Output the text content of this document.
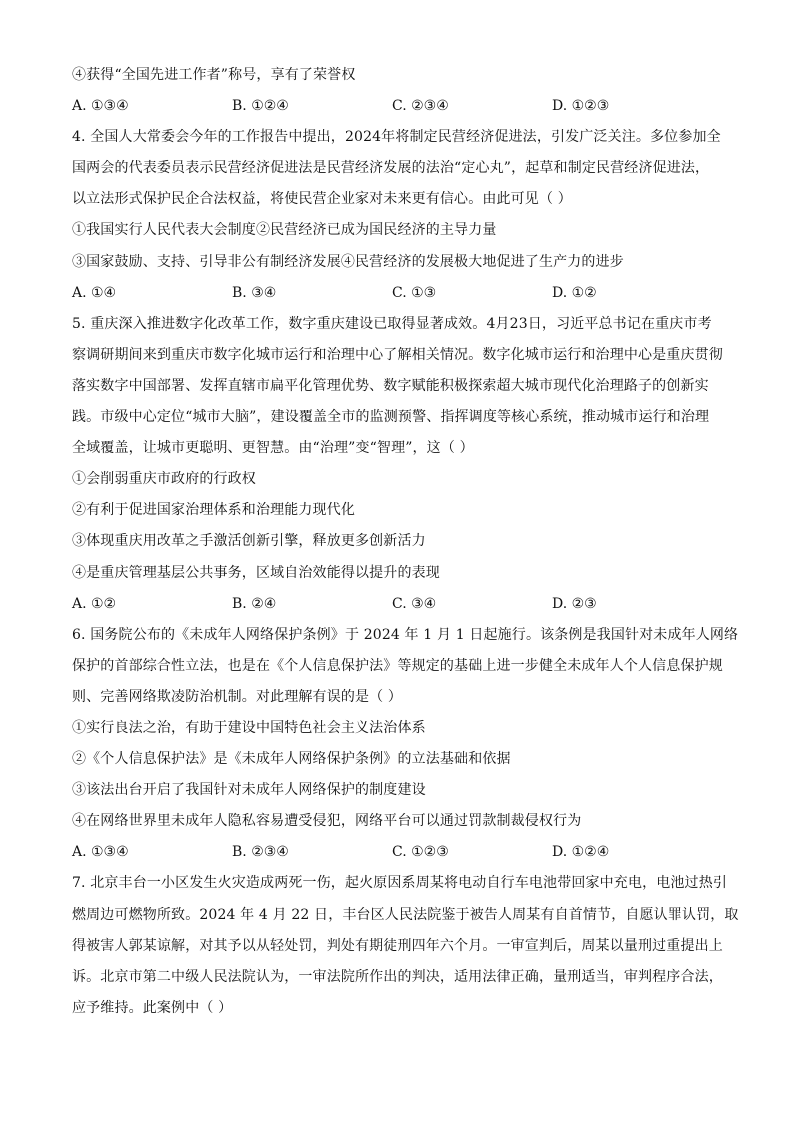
④获得“全国先进工作者”称号，享有了荣誉权
A. ①③④	B. ①②④	C. ②③④	D. ①②③
4. 全国人大常委会今年的工作报告中提出，2024年将制定民营经济促进法，引发广泛关注。多位参加全
国两会的代表委员表示民营经济促进法是民营经济发展的法治“定心丸”，起草和制定民营经济促进法，
以立法形式保护民企合法权益，将使民营企业家对未来更有信心。由此可见（ ）
①我国实行人民代表大会制度②民营经济已成为国民经济的主导力量
③国家鼓励、支持、引导非公有制经济发展④民营经济的发展极大地促进了生产力的进步
A. ①④	B. ③④	C. ①③	D. ①②
5. 重庆深入推进数字化改革工作，数字重庆建设已取得显著成效。4月23日，习近平总书记在重庆市考
察调研期间来到重庆市数字化城市运行和治理中心了解相关情况。数字化城市运行和治理中心是重庆贯彻
落实数字中国部署、发挥直辖市扁平化管理优势、数字赋能积极探索超大城市现代化治理路子的创新实
践。市级中心定位“城市大脑”，建设覆盖全市的监测预警、指挥调度等核心系统，推动城市运行和治理
全域覆盖，让城市更聪明、更智慧。由“治理”变“智理”，这（ ）
①会削弱重庆市政府的行政权
②有利于促进国家治理体系和治理能力现代化
③体现重庆用改革之手激活创新引擎，释放更多创新活力
④是重庆管理基层公共事务，区域自治效能得以提升的表现
A. ①②	B. ②④	C. ③④	D. ②③
6. 国务院公布的《未成年人网络保护条例》于 2024 年 1 月 1 日起施行。该条例是我国针对未成年人网络
保护的首部综合性立法，也是在《个人信息保护法》等规定的基础上进一步健全未成年人个人信息保护规
则、完善网络欺凌防治机制。对此理解有误的是（ ）
①实行良法之治，有助于建设中国特色社会主义法治体系
②《个人信息保护法》是《未成年人网络保护条例》的立法基础和依据
③该法出台开启了我国针对未成年人网络保护的制度建设
④在网络世界里未成年人隐私容易遭受侵犯，网络平台可以通过罚款制裁侵权行为
A. ①③④	B. ②③④	C. ①②③	D. ①②④
7. 北京丰台一小区发生火灾造成两死一伤，起火原因系周某将电动自行车电池带回家中充电，电池过热引
燃周边可燃物所致。2024 年 4 月 22 日，丰台区人民法院鉴于被告人周某有自首情节，自愿认罪认罚，取
得被害人郭某谅解，对其予以从轻处罚，判处有期徒刑四年六个月。一审宣判后，周某以量刑过重提出上
诉。北京市第二中级人民法院认为，一审法院所作出的判决，适用法律正确，量刑适当，审判程序合法，
应予维持。此案例中（ ）
